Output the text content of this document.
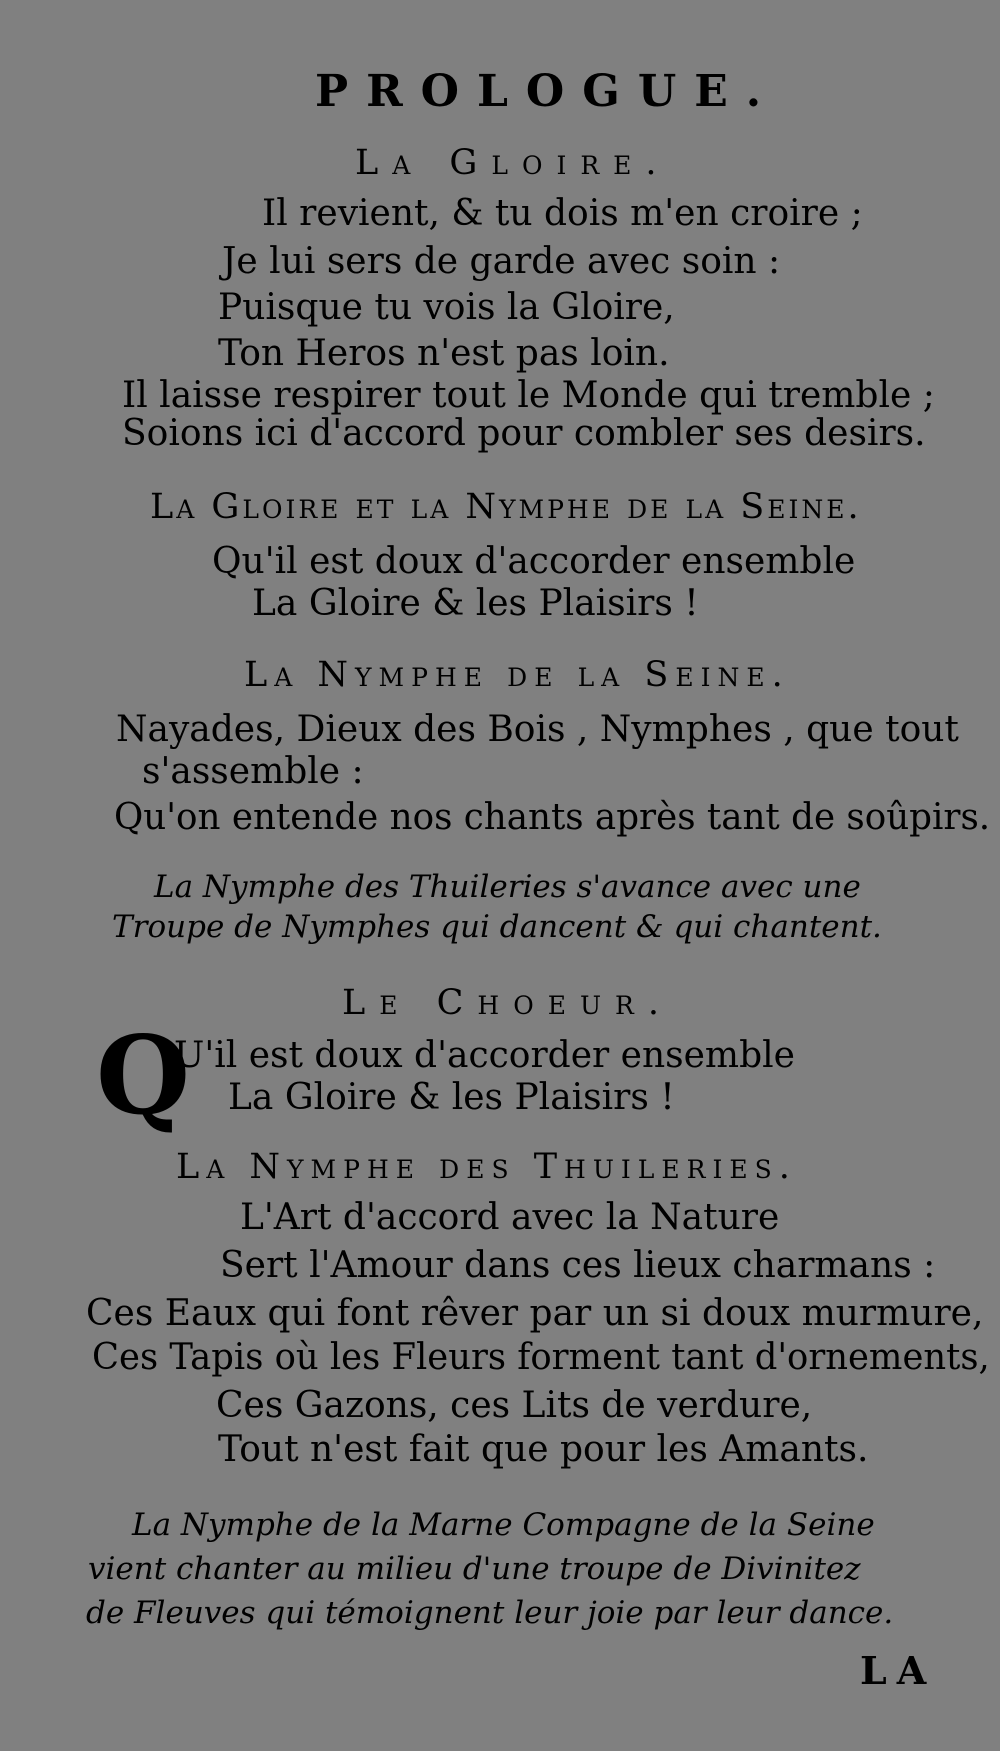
PROLOGUE.
La Gloire.
Il revient, & tu dois m'en croire ;
Je lui sers de garde avec soin :
Puisque tu vois la Gloire,
Ton Heros n'est pas loin.
Il laisse respirer tout le Monde qui tremble ;
Soions ici d'accord pour combler ses desirs.
La Gloire et la Nymphe de la Seine.
Qu'il est doux d'accorder ensemble
La Gloire & les Plaisirs !
La Nymphe de la Seine.
Nayades, Dieux des Bois , Nymphes , que tout
s'assemble :
Qu'on entende nos chants après tant de soûpirs.
La Nymphe des Thuileries s'avance avec une
Troupe de Nymphes qui dancent & qui chantent.
Le Choeur.
Q
U'il est doux d'accorder ensemble
La Gloire & les Plaisirs !
La Nymphe des Thuileries.
L'Art d'accord avec la Nature
Sert l'Amour dans ces lieux charmans :
Ces Eaux qui font rêver par un si doux murmure,
Ces Tapis où les Fleurs forment tant d'ornements,
Ces Gazons, ces Lits de verdure,
Tout n'est fait que pour les Amants.
La Nymphe de la Marne Compagne de la Seine
vient chanter au milieu d'une troupe de Divinitez
de Fleuves qui témoignent leur joie par leur dance.
LA
